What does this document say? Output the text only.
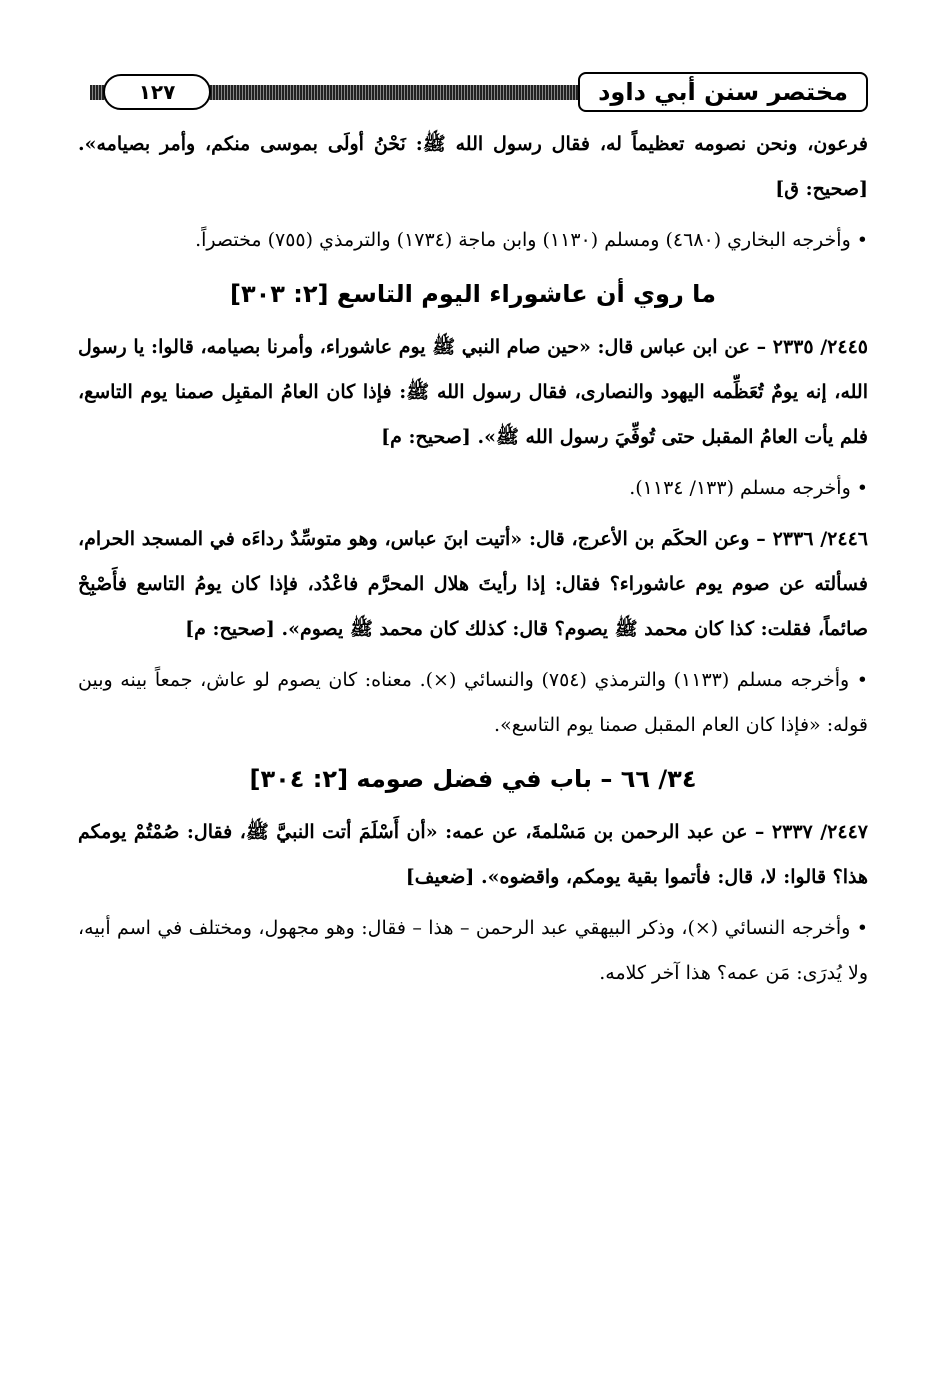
مختصر سنن أبي داود
١٢٧

فرعون، ونحن نصومه تعظيماً له، فقال رسول الله ﷺ: نَحْنُ أولَى بموسى منكم، وأمر بصيامه». [صحيح: ق]

• وأخرجه البخاري (٤٦٨٠) ومسلم (١١٣٠) وابن ماجة (١٧٣٤) والترمذي (٧٥٥) مختصراً.

ما روي أن عاشوراء اليوم التاسع [٢: ٣٠٣]

٢٤٤٥/ ٢٣٣٥ – عن ابن عباس قال: «حين صام النبي ﷺ يوم عاشوراء، وأمرنا بصيامه، قالوا: يا رسول الله، إنه يومٌ تُعَظِّمه اليهود والنصارى، فقال رسول الله ﷺ: فإذا كان العامُ المقبِل صمنا يوم التاسع، فلم يأت العامُ المقبل حتى تُوفِّيَ رسول الله ﷺ». [صحيح: م]

• وأخرجه مسلم (١٣٣/ ١١٣٤).

٢٤٤٦/ ٢٣٣٦ – وعن الحكَم بن الأعرج، قال: «أتيت ابنَ عباس، وهو متوسِّدٌ رداءَه في المسجد الحرام، فسألته عن صوم يوم عاشوراء؟ فقال: إذا رأيتَ هلال المحرَّم فاعْدُد، فإذا كان يومُ التاسع فأَصْبِحْ صائماً، فقلت: كذا كان محمد ﷺ يصوم؟ قال: كذلك كان محمد ﷺ يصوم». [صحيح: م]

• وأخرجه مسلم (١١٣٣) والترمذي (٧٥٤) والنسائي (×). معناه: كان يصوم لو عاش، جمعاً بينه وبين قوله: «فإذا كان العام المقبل صمنا يوم التاسع».

٣٤/ ٦٦ – باب في فضل صومه [٢: ٣٠٤]

٢٤٤٧/ ٢٣٣٧ – عن عبد الرحمن بن مَسْلمةَ، عن عمه: «أن أَسْلَمَ أتت النبيَّ ﷺ، فقال: صُمْتُمْ يومكم هذا؟ قالوا: لا، قال: فأتموا بقية يومكم، واقضوه». [ضعيف]

• وأخرجه النسائي (×)، وذكر البيهقي عبد الرحمن – هذا – فقال: وهو مجهول، ومختلف في اسم أبيه، ولا يُدرَى: مَن عمه؟ هذا آخر كلامه.
